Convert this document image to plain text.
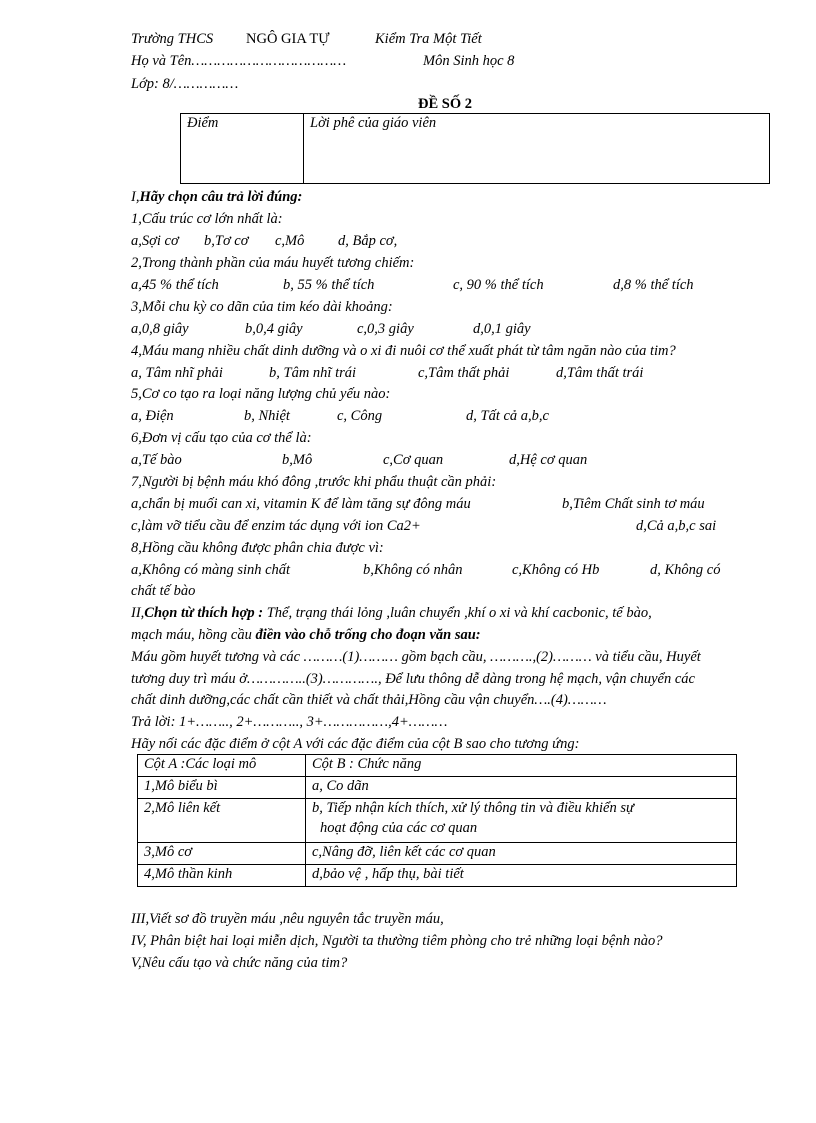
Trường THCS NGÔ GIA TỰ	Kiểm Tra Một Tiết
Họ và Tên………………………………	Môn Sinh học 8
Lớp: 8/……………
ĐỀ SỐ 2
Điểm	Lời phê của giáo viên
I,Hãy chọn câu trả lời đúng:
1,Cấu trúc cơ lớn nhất là:
a,Sợi cơ b,Tơ cơ c,Mô d, Bắp cơ,
2,Trong thành phần của máu huyết tương chiếm:
a,45 % thể tích	b, 55 % thể tích	c, 90 % thể tích	d,8 % thể tích
3,Mỗi chu kỳ co dãn của tim kéo dài khoảng:
a,0,8 giây	b,0,4 giây	c,0,3 giây	d,0,1 giây
4,Máu mang nhiều chất dinh dưỡng và o xi đi nuôi cơ thể xuất phát từ tâm ngăn nào của tim?
a, Tâm nhĩ phải	b, Tâm nhĩ trái	c,Tâm thất phải	d,Tâm thất trái
5,Cơ co tạo ra loại năng lượng chủ yếu nào:
a, Điện	b, Nhiệt	c, Công	d, Tất cả a,b,c
6,Đơn vị cấu tạo của cơ thể là:
a,Tế bào	b,Mô	c,Cơ quan	d,Hệ cơ quan
7,Người bị bệnh máu khó đông ,trước khi phẩu thuật cần phải:
a,chẩn bị muối can xi, vitamin K để làm tăng sự đông máu	b,Tiêm Chất sinh tơ máu
c,làm vỡ tiểu cầu để enzim tác dụng với ion Ca2+	d,Cả a,b,c sai
8,Hồng cầu không được phân chia được vì:
a,Không có màng sinh chất	b,Không có nhân	c,Không có Hb	d, Không có
chất tế bào
II,Chọn từ thích hợp : Thể, trạng thái lỏng ,luân chuyển ,khí o xi và khí cacbonic, tế bào,
mạch máu, hồng cầu điền vào chỗ trống cho đoạn văn sau:
Máu gồm huyết tương và các ………(1)……… gồm bạch cầu, ……….,(2)……… và tiểu cầu, Huyết
tương duy trì máu ở…………..(3)…………., Để lưu thông dễ dàng trong hệ mạch, vận chuyển các
chất dinh dưỡng,các chất cần thiết và chất thải,Hồng cầu vận chuyển….(4)………
Trả lời: 1+…….., 2+……….., 3+……………,4+………
Hãy nối các đặc điểm ở cột A với các đặc điểm của cột B sao cho tương ứng:
Cột A :Các loại mô	Cột B : Chức năng
1,Mô biểu bì	a, Co dãn
2,Mô liên kết	b, Tiếp nhận kích thích, xử lý thông tin và điều khiển sự
hoạt động của các cơ quan

3,Mô cơ	c,Nâng đỡ, liên kết các cơ quan
4,Mô thần kinh	d,bảo vệ , hấp thụ, bài tiết
III,Viết sơ đồ truyền máu ,nêu nguyên tắc truyền máu,
IV, Phân biệt hai loại miễn dịch, Người ta thường tiêm phòng cho trẻ những loại bệnh nào?
V,Nêu cấu tạo và chức năng của tim?
